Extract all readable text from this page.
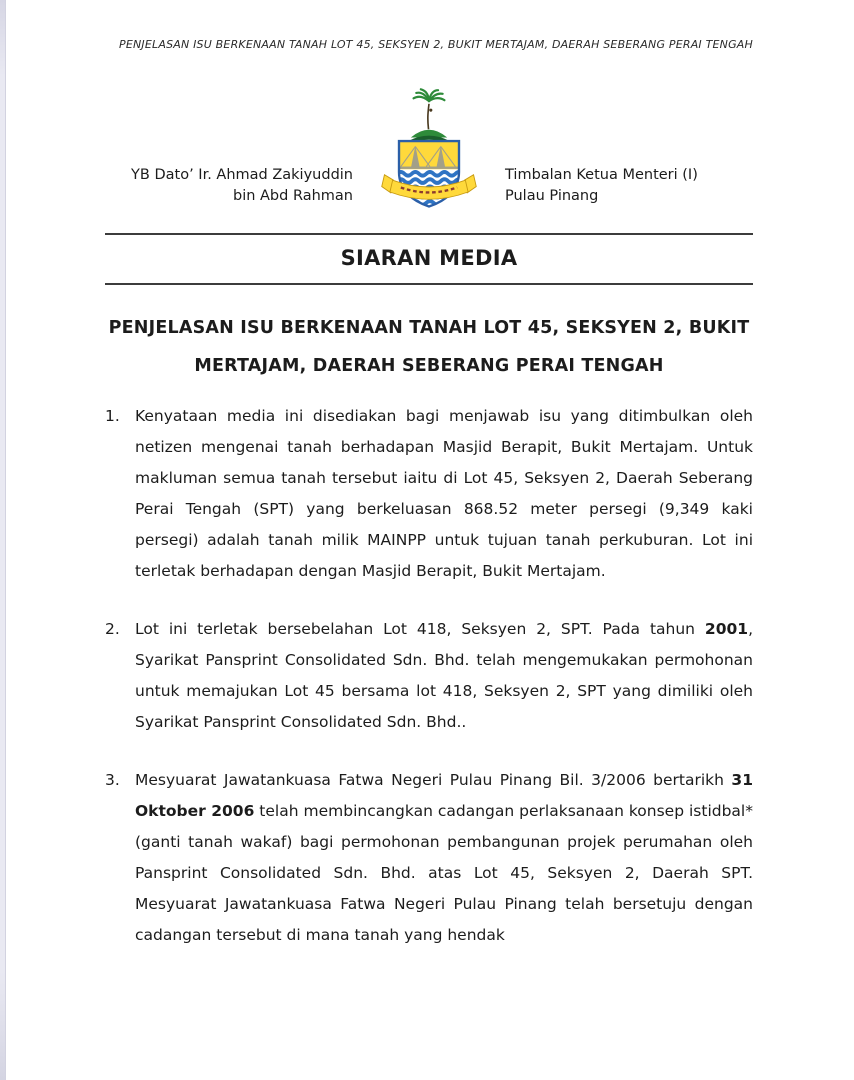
PENJELASAN ISU BERKENAAN TANAH LOT 45, SEKSYEN 2, BUKIT MERTAJAM, DAERAH SEBERANG PERAI TENGAH
YB Dato’ Ir. Ahmad Zakiyuddin
bin Abd Rahman
Timbalan Ketua Menteri (I)
Pulau Pinang
SIARAN MEDIA
PENJELASAN ISU BERKENAAN TANAH LOT 45, SEKSYEN 2, BUKIT MERTAJAM, DAERAH SEBERANG PERAI TENGAH
1. Kenyataan media ini disediakan bagi menjawab isu yang ditimbulkan oleh netizen mengenai tanah berhadapan Masjid Berapit, Bukit Mertajam. Untuk makluman semua tanah tersebut iaitu di Lot 45, Seksyen 2, Daerah Seberang Perai Tengah (SPT) yang berkeluasan 868.52 meter persegi (9,349 kaki persegi) adalah tanah milik MAINPP untuk tujuan tanah perkuburan. Lot ini terletak berhadapan dengan Masjid Berapit, Bukit Mertajam.
2. Lot ini terletak bersebelahan Lot 418, Seksyen 2, SPT. Pada tahun 2001, Syarikat Pansprint Consolidated Sdn. Bhd. telah mengemukakan permohonan untuk memajukan Lot 45 bersama lot 418, Seksyen 2, SPT yang dimiliki oleh Syarikat Pansprint Consolidated Sdn. Bhd..
3. Mesyuarat Jawatankuasa Fatwa Negeri Pulau Pinang Bil. 3/2006 bertarikh 31 Oktober 2006 telah membincangkan cadangan perlaksanaan konsep istidbal* (ganti tanah wakaf) bagi permohonan pembangunan projek perumahan oleh Pansprint Consolidated Sdn. Bhd. atas Lot 45, Seksyen 2, Daerah SPT. Mesyuarat Jawatankuasa Fatwa Negeri Pulau Pinang telah bersetuju dengan cadangan tersebut di mana tanah yang hendak
